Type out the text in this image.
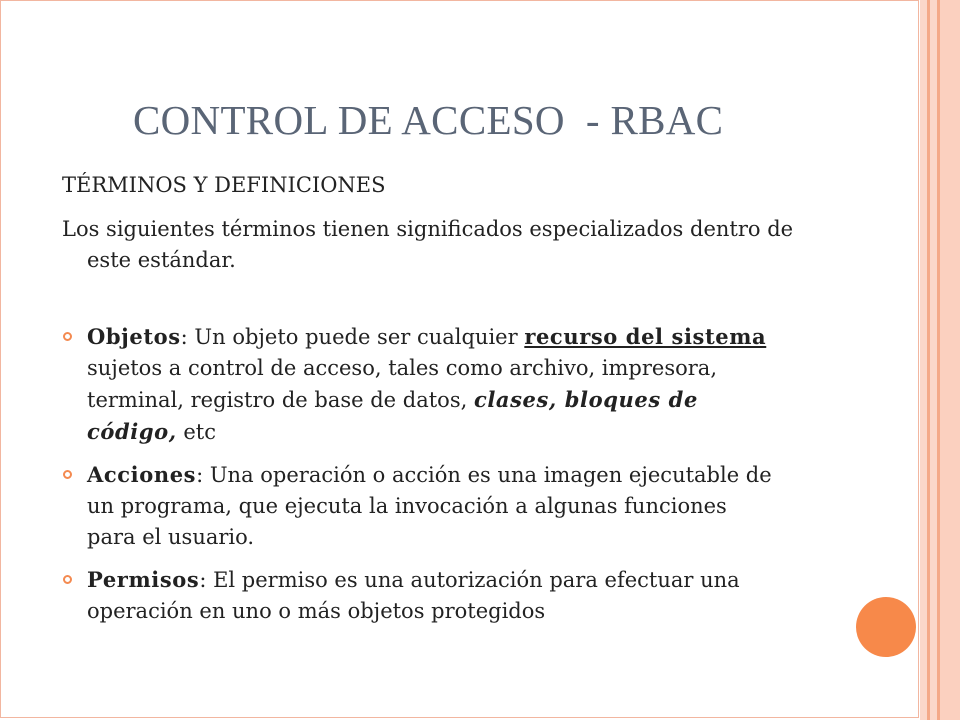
CONTROL DE ACCESO  - RBAC
TÉRMINOS Y DEFINICIONES

Los siguientes términos tienen significados especializados dentro de este estándar.

Objetos: Un objeto puede ser cualquier recurso del sistema sujetos a control de acceso, tales como archivo, impresora, terminal, registro de base de datos, clases, bloques de código, etc
Acciones: Una operación o acción es una imagen ejecutable de un programa, que ejecuta la invocación a algunas funciones para el usuario.
Permisos: El permiso es una autorización para efectuar una operación en uno o más objetos protegidos
